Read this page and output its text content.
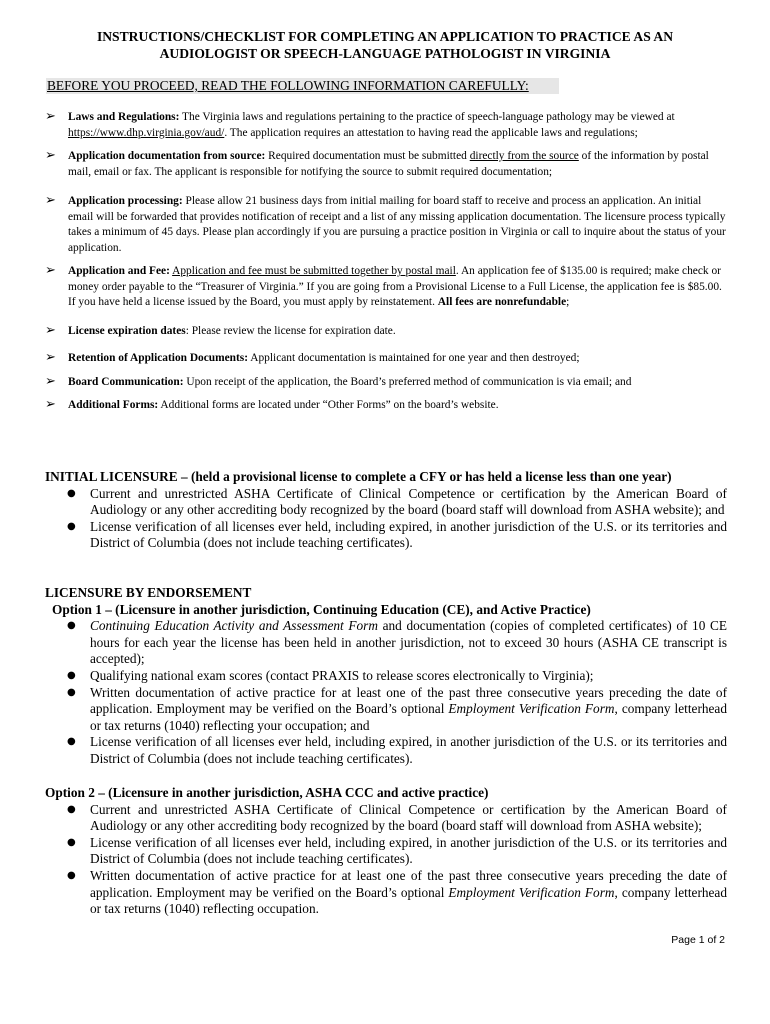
INSTRUCTIONS/CHECKLIST FOR COMPLETING AN APPLICATION TO PRACTICE AS AN
AUDIOLOGIST OR SPEECH-LANGUAGE PATHOLOGIST IN VIRGINIA
BEFORE YOU PROCEED, READ THE FOLLOWING INFORMATION CAREFULLY:
➢ Laws and Regulations: The Virginia laws and regulations pertaining to the practice of speech-language pathology may be viewed at https://www.dhp.virginia.gov/aud/. The application requires an attestation to having read the applicable laws and regulations;
➢ Application documentation from source: Required documentation must be submitted directly from the source of the information by postal mail, email or fax. The applicant is responsible for notifying the source to submit required documentation;
➢ Application processing: Please allow 21 business days from initial mailing for board staff to receive and process an application. An initial email will be forwarded that provides notification of receipt and a list of any missing application documentation. The licensure process typically takes a minimum of 45 days. Please plan accordingly if you are pursuing a practice position in Virginia or call to inquire about the status of your application.
➢ Application and Fee: Application and fee must be submitted together by postal mail. An application fee of $135.00 is required; make check or money order payable to the “Treasurer of Virginia.” If you are going from a Provisional License to a Full License, the application fee is $85.00. If you have held a license issued by the Board, you must apply by reinstatement. All fees are nonrefundable;
➢ License expiration dates: Please review the license for expiration date.
➢ Retention of Application Documents: Applicant documentation is maintained for one year and then destroyed;
➢ Board Communication: Upon receipt of the application, the Board’s preferred method of communication is via email; and
➢ Additional Forms: Additional forms are located under “Other Forms” on the board’s website.
INITIAL LICENSURE – (held a provisional license to complete a CFY or has held a license less than one year)
● Current and unrestricted ASHA Certificate of Clinical Competence or certification by the American Board of Audiology or any other accrediting body recognized by the board (board staff will download from ASHA website); and
● License verification of all licenses ever held, including expired, in another jurisdiction of the U.S. or its territories and District of Columbia (does not include teaching certificates).
LICENSURE BY ENDORSEMENT
Option 1 – (Licensure in another jurisdiction, Continuing Education (CE), and Active Practice)
● Continuing Education Activity and Assessment Form and documentation (copies of completed certificates) of 10 CE hours for each year the license has been held in another jurisdiction, not to exceed 30 hours (ASHA CE transcript is accepted);
● Qualifying national exam scores (contact PRAXIS to release scores electronically to Virginia);
● Written documentation of active practice for at least one of the past three consecutive years preceding the date of application. Employment may be verified on the Board’s optional Employment Verification Form, company letterhead or tax returns (1040) reflecting your occupation; and
● License verification of all licenses ever held, including expired, in another jurisdiction of the U.S. or its territories and District of Columbia (does not include teaching certificates).
Option 2 – (Licensure in another jurisdiction, ASHA CCC and active practice)
● Current and unrestricted ASHA Certificate of Clinical Competence or certification by the American Board of Audiology or any other accrediting body recognized by the board (board staff will download from ASHA website);
● License verification of all licenses ever held, including expired, in another jurisdiction of the U.S. or its territories and District of Columbia (does not include teaching certificates).
● Written documentation of active practice for at least one of the past three consecutive years preceding the date of application. Employment may be verified on the Board’s optional Employment Verification Form, company letterhead or tax returns (1040) reflecting occupation.
Page 1 of 2
